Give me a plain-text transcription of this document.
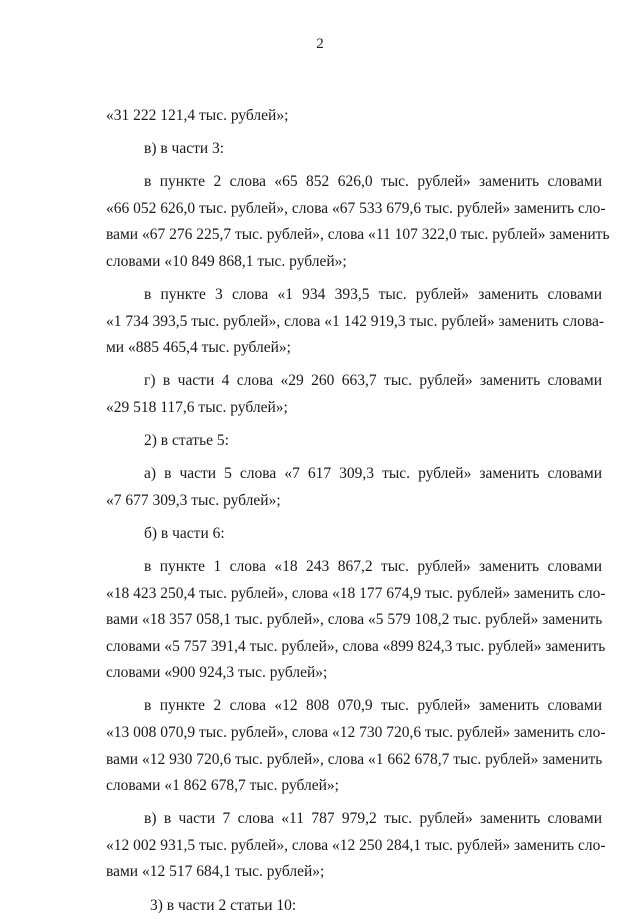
2
«31 222 121,4 тыс. рублей»;
в) в части 3:
в пункте 2 слова «65 852 626,0 тыс. рублей» заменить словами
«66 052 626,0 тыс. рублей», слова «67 533 679,6 тыс. рублей» заменить сло-
вами «67 276 225,7 тыс. рублей», слова «11 107 322,0 тыс. рублей» заменить
словами «10 849 868,1 тыс. рублей»;
в пункте 3 слова «1 934 393,5 тыс. рублей» заменить словами
«1 734 393,5 тыс. рублей», слова «1 142 919,3 тыс. рублей» заменить слова-
ми «885 465,4 тыс. рублей»;
г) в части 4 слова «29 260 663,7 тыс. рублей» заменить словами
«29 518 117,6 тыс. рублей»;
2) в статье 5:
а) в части 5 слова «7 617 309,3 тыс. рублей» заменить словами
«7 677 309,3 тыс. рублей»;
б) в части 6:
в пункте 1 слова «18 243 867,2 тыс. рублей» заменить словами
«18 423 250,4 тыс. рублей», слова «18 177 674,9 тыс. рублей» заменить сло-
вами «18 357 058,1 тыс. рублей», слова «5 579 108,2 тыс. рублей» заменить
словами «5 757 391,4 тыс. рублей», слова «899 824,3 тыс. рублей» заменить
словами «900 924,3 тыс. рублей»;
в пункте 2 слова «12 808 070,9 тыс. рублей» заменить словами
«13 008 070,9 тыс. рублей», слова «12 730 720,6 тыс. рублей» заменить сло-
вами «12 930 720,6 тыс. рублей», слова «1 662 678,7 тыс. рублей» заменить
словами «1 862 678,7 тыс. рублей»;
в) в части 7 слова «11 787 979,2 тыс. рублей» заменить словами
«12 002 931,5 тыс. рублей», слова «12 250 284,1 тыс. рублей» заменить сло-
вами «12 517 684,1 тыс. рублей»;
3) в части 2 статьи 10:
